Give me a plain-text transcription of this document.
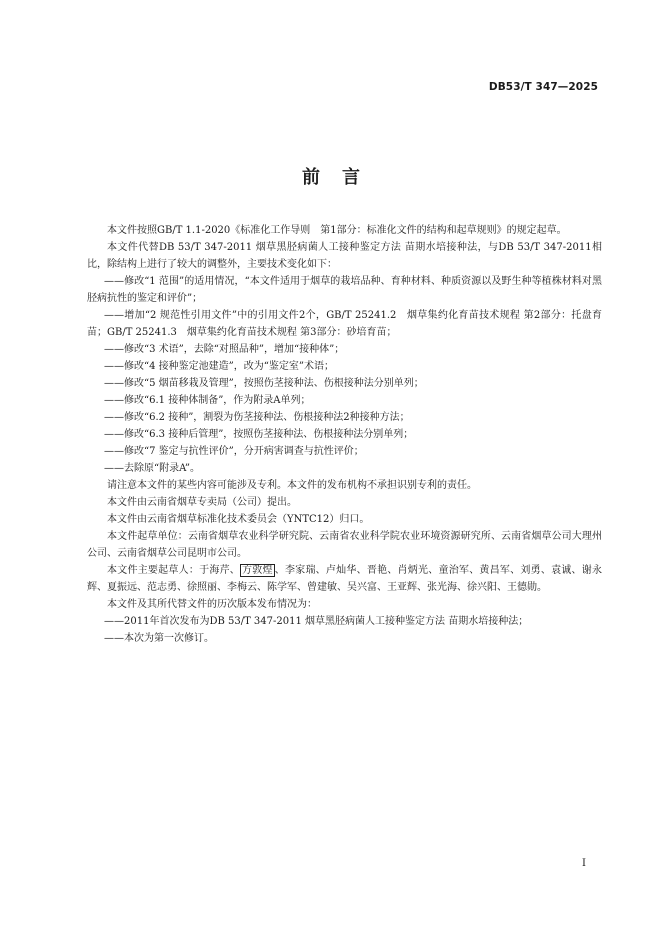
DB53/T 347—2025
前言

本文件按照GB/T 1.1-2020《标准化工作导则　第1部分：标准化文件的结构和起草规则》的规定起草。

本文件代替DB 53/T 347-2011 烟草黑胫病菌人工接种鉴定方法 苗期水培接种法，与DB 53/T 347-2011相比，除结构上进行了较大的调整外，主要技术变化如下：

——修改“1 范围”的适用情况，“本文件适用于烟草的栽培品种、育种材料、种质资源以及野生种等植株材料对黑胫病抗性的鉴定和评价”；

——增加“2 规范性引用文件”中的引用文件2个，GB/T 25241.2　烟草集约化育苗技术规程 第2部分：托盘育苗；GB/T 25241.3　烟草集约化育苗技术规程 第3部分：砂培育苗；

——修改“3 术语”，去除“对照品种”，增加“接种体”；

——修改“4 接种鉴定池建造”，改为“鉴定室”术语；

——修改“5 烟苗移栽及管理”，按照伤茎接种法、伤根接种法分别单列；

——修改“6.1 接种体制备”，作为附录A单列；

——修改“6.2 接种”，割裂为伤茎接种法、伤根接种法2种接种方法；

——修改“6.3 接种后管理”，按照伤茎接种法、伤根接种法分别单列；

——修改“7 鉴定与抗性评价”，分开病害调查与抗性评价；

——去除原“附录A”。

请注意本文件的某些内容可能涉及专利。本文件的发布机构不承担识别专利的责任。

本文件由云南省烟草专卖局（公司）提出。

本文件由云南省烟草标准化技术委员会（YNTC12）归口。

本文件起草单位：云南省烟草农业科学研究院、云南省农业科学院农业环境资源研究所、云南省烟草公司大理州公司、云南省烟草公司昆明市公司。

本文件主要起草人：于海芹、 方敦煌 、李家瑞、卢灿华、晋艳、肖炳光、童治军、黄昌军、刘勇、袁诚、谢永辉、夏振远、范志勇、徐照丽、李梅云、陈学军、曾建敏、吴兴富、王亚辉、张光海、徐兴阳、王德勋。

本文件及其所代替文件的历次版本发布情况为：

——2011年首次发布为DB 53/T 347-2011 烟草黑胫病菌人工接种鉴定方法 苗期水培接种法；

——本次为第一次修订。

I
